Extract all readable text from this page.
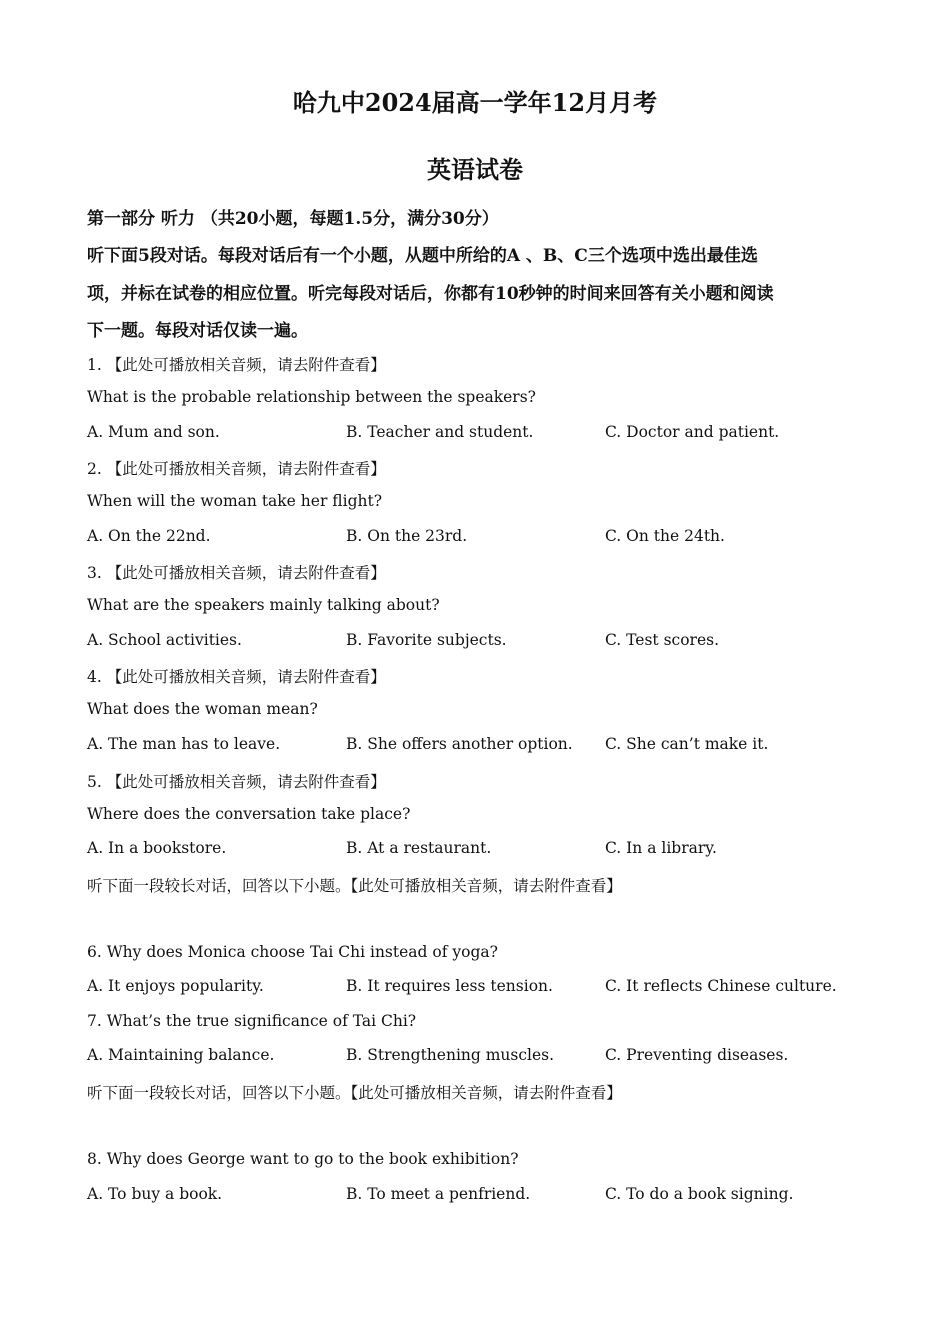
哈九中2024届高一学年12月月考
英语试卷
第一部分 听力 （共20小题，每题1.5分，满分30分）
听下面5段对话。每段对话后有一个小题，从题中所给的A 、B、C三个选项中选出最佳选
项，并标在试卷的相应位置。听完每段对话后，你都有10秒钟的时间来回答有关小题和阅读
下一题。每段对话仅读一遍。
1. 【此处可播放相关音频，请去附件查看】
What is the probable relationship between the speakers?
A. Mum and son.	B. Teacher and student.	C. Doctor and patient.
2. 【此处可播放相关音频，请去附件查看】
When will the woman take her flight?
A. On the 22nd.	B. On the 23rd.	C. On the 24th.
3. 【此处可播放相关音频，请去附件查看】
What are the speakers mainly talking about?
A. School activities.	B. Favorite subjects.	C. Test scores.
4. 【此处可播放相关音频，请去附件查看】
What does the woman mean?
A. The man has to leave.	B. She offers another option. C. She can’t make it.
5. 【此处可播放相关音频，请去附件查看】
Where does the conversation take place?
A. In a bookstore.	B. At a restaurant.	C. In a library.
听下面一段较长对话，回答以下小题。【此处可播放相关音频，请去附件查看】
6. Why does Monica choose Tai Chi instead of yoga?
A. It enjoys popularity.	B. It requires less tension.	C. It reflects Chinese culture.
7. What’s the true significance of Tai Chi?
A. Maintaining balance.	B. Strengthening muscles.	C. Preventing diseases.
听下面一段较长对话，回答以下小题。【此处可播放相关音频，请去附件查看】
8. Why does George want to go to the book exhibition?
A. To buy a book.	B. To meet a penfriend.	C. To do a book signing.
